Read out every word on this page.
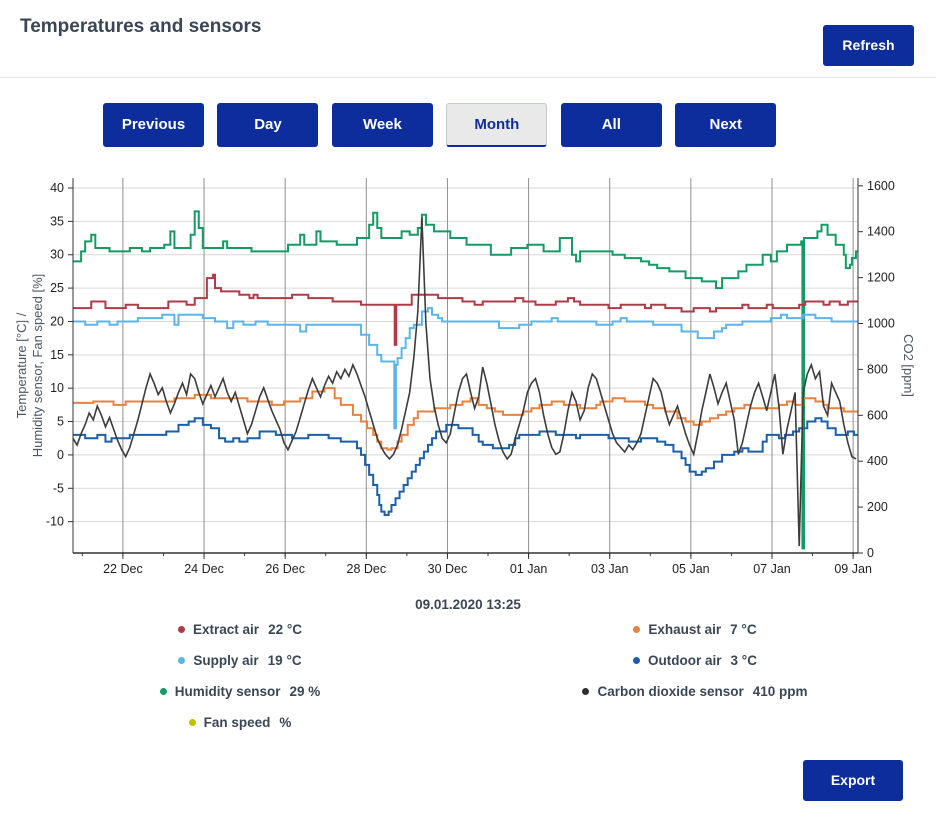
Temperatures and sensors
Refresh
Previous	Day	Week	Month	All	Next
40
35
30
25
20
15
10
5
0
-5
-10
0
200
400
600
800
1000
1200
1400
1600
22 Dec	24 Dec	26 Dec	28 Dec	30 Dec	01 Jan	03 Jan	05 Jan	07 Jan	09 Jan
Temperature [°C] /Humidity sensor, Fan speed [%]	CO2 [ppm]
09.01.2020 13:25
Extract air 22 °C
Supply air 19 °C
Humidity sensor 29 %
Fan speed %
Exhaust air 7 °C
Outdoor air 3 °C
Carbon dioxide sensor 410 ppm
Export
